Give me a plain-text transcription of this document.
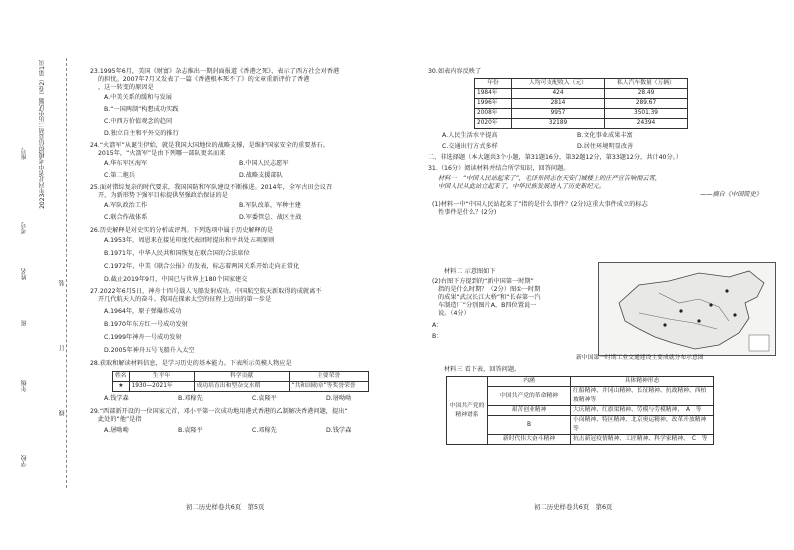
2023年河北省中考模拟信息初二历史试题（卷2）第1页
考号
姓名
座号
班
学校
年级
装
订
线
23.1995年6月，美国《财富》杂志推出一期封面报道《香港之死》，表示了西方社会对香港
的担忧。2007年7月又发表了一篇《香港根本死不了》的文章重新评价了香港
，这一转变的原因是
A.中美关系的缓和与发展
B.“一国两制”构想成功实践
C.中西方价值观念的趋同
D.独立自主和平外交的推行
24.“火箭军”从诞生伊始，就是我国大国地位的战略支撑，是维护国家安全的重要基石。
2015年，“火箭军”是由下列哪一部队更名而来
A.华东军区海军	B.中国人民志愿军
C.第二炮兵	D.战略支援部队
25.面对错综复杂的时代要求，我国国防和军队建设不断推进。2014年，全军古田会议召
开，为新形势下强军目标提供坚强政治保证的是
A.军队政治工作	B.军队改革，军种主建
C.联合作战体系	D.军委管总、战区主战
26.历史解释是对史实的分析或评判。下列选项中属于历史解释的是
A.1953年，周恩来在接见印度代表团时提出和平共处五项原则
B.1971年，中华人民共和国恢复在联合国的合法席位
C.1972年，中美《联合公报》的发表，标志着两国关系开始走向正常化
D.截止2019年9月，中国已与世界上180个国家建交
27.2022年6月5日，神舟十四号载人飞船发射成功。中国航空航天新取得的成就离不
开几代航天人的奋斗。我国在探索太空的征程上迈出的第一步是
A.1964年，原子弹爆炸成功
B.1970年东方红一号成功发射
C.1999年神舟一号成功发射
D.2005年神舟五号飞船升入太空
28.获取和解读材料信息，是学习历史的基本能力。下表所示英模人物应是
姓名	生平年	科学贡献	主要荣誉
★	1930—2021年	成功培育出和型杂交水稻	“共和国勋章”等奖誉荣誉
A.钱学森	B.邓稼先	C.袁隆平	D.屠呦呦
29.“西部新开设的一位国家元首，邓小平第一次成功地用港式香港的乙制解决香港问题，提出“
此处的“他”是指
A.屠呦呦	B.袁隆平	C.邓稼先	D.钱学森
初二历史样卷共6页　第5页
30.如表内容反映了
年份	人均可支配收入（元）	私人汽车数量（万辆）
1984年	424	28.49
1996年	2814	289.67
2008年	9957	3501.39
2020年	32189	24394
A.人民生活水平提高	B.文化事业成果丰富
C.交通出行方式多样	D.居住环境明显改善
二、非选择题（本大题共3个小题，第31题16分，第32题12分，第33题12分，共计40分。）
31.（16分）阅读材料并结合所学知识，回答问题。
材料一　“中国人民站起来了”，毛泽东同志在天安门城楼上的庄严宣告响彻云霄，
中国人民从此站立起来了，中华民族发展进入了历史新纪元。
——摘自《中国简史》
(1)材料一中“中国人民站起来了”指的是什么事件？(2分)这重大事件成立的标志
性事件是什么？(2分)
材料二 示意图如下
(2)右图下方提到的“新中国第一时期”
指的是什么时期？（2分）图①一时期
的成果“武汉长江大桥”和“长春第一汽
车制造厂”分别图片A，B四位置说一
说。（4分）
A：
B：
新中国第一时期工业交通建设主要成就分布示意图
材料三 看下表，回答问题。
中国共产党的精神谱系	内涵	具体精神形态
	中国共产党的革命精神	红船精神、井冈山精神、长征精神、抗战精神、西柏坡精神等
	艰苦创业精神	大庆精神、红旗渠精神、劳模与劳模精神、　A　等
	B	小岗精神、特区精神、北京奥运精神、改革开放精神等
	新时代伟大奋斗精神	抗击新冠疫情精神、工匠精神、科学家精神、　C　等
初二历史样卷共6页　第6页
